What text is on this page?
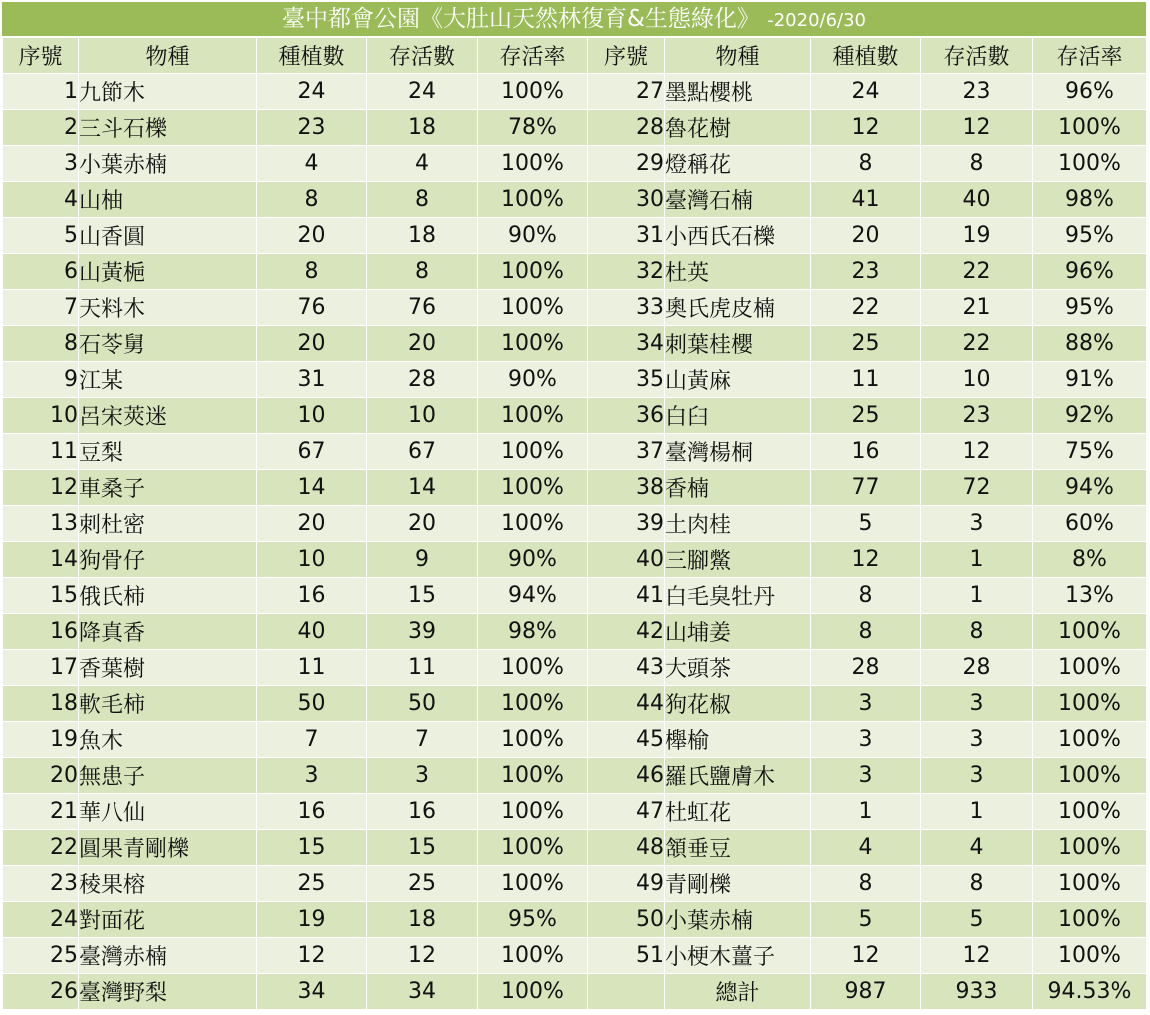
臺中都會公園《大肚山天然林復育&生態綠化》 -2020/6/30
序號	物種	種植數	存活數	存活率	序號	物種	種植數	存活數	存活率
1	九節木	24	24	100%	27	墨點櫻桃	24	23	96%
2	三斗石櫟	23	18	78%	28	魯花樹	12	12	100%
3	小葉赤楠	4	4	100%	29	燈稱花	8	8	100%
4	山柚	8	8	100%	30	臺灣石楠	41	40	98%
5	山香圓	20	18	90%	31	小西氏石櫟	20	19	95%
6	山黃梔	8	8	100%	32	杜英	23	22	96%
7	天料木	76	76	100%	33	奧氏虎皮楠	22	21	95%
8	石苓舅	20	20	100%	34	刺葉桂櫻	25	22	88%
9	江某	31	28	90%	35	山黃麻	11	10	91%
10	呂宋莢迷	10	10	100%	36	白臼	25	23	92%
11	豆梨	67	67	100%	37	臺灣楊桐	16	12	75%
12	車桑子	14	14	100%	38	香楠	77	72	94%
13	刺杜密	20	20	100%	39	土肉桂	5	3	60%
14	狗骨仔	10	9	90%	40	三腳鱉	12	1	8%
15	俄氏柿	16	15	94%	41	白毛臭牡丹	8	1	13%
16	降真香	40	39	98%	42	山埔姜	8	8	100%
17	香葉樹	11	11	100%	43	大頭茶	28	28	100%
18	軟毛柿	50	50	100%	44	狗花椒	3	3	100%
19	魚木	7	7	100%	45	櫸榆	3	3	100%
20	無患子	3	3	100%	46	羅氏鹽膚木	3	3	100%
21	華八仙	16	16	100%	47	杜虹花	1	1	100%
22	圓果青剛櫟	15	15	100%	48	頷垂豆	4	4	100%
23	稜果榕	25	25	100%	49	青剛櫟	8	8	100%
24	對面花	19	18	95%	50	小葉赤楠	5	5	100%
25	臺灣赤楠	12	12	100%	51	小梗木薑子	12	12	100%
26	臺灣野梨	34	34	100%		總計	987	933	94.53%
